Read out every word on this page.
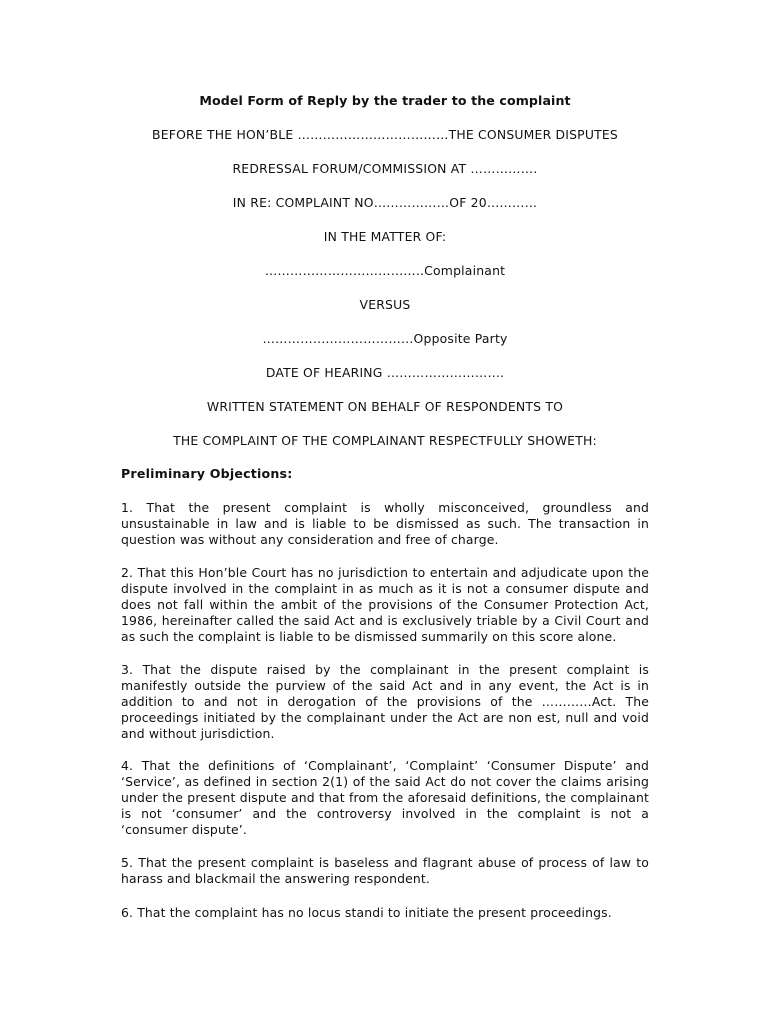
Model Form of Reply by the trader to the complaint
BEFORE THE HON’BLE ………………………………THE CONSUMER DISPUTES
REDRESSAL FORUM/COMMISSION AT …………….
IN RE: COMPLAINT NO………………OF 20…………
IN THE MATTER OF:
………………………………..Complainant
VERSUS
………………………………Opposite Party
DATE OF HEARING ……………………….
WRITTEN STATEMENT ON BEHALF OF RESPONDENTS TO
THE COMPLAINT OF THE COMPLAINANT RESPECTFULLY SHOWETH:
Preliminary Objections:
1. That the present complaint is wholly misconceived, groundless and unsustainable in law and is liable to be dismissed as such. The transaction in question was without any consideration and free of charge.
2. That this Hon’ble Court has no jurisdiction to entertain and adjudicate upon the dispute involved in the complaint in as much as it is not a consumer dispute and does not fall within the ambit of the provisions of the Consumer Protection Act, 1986, hereinafter called the said Act and is exclusively triable by a Civil Court and as such the complaint is liable to be dismissed summarily on this score alone.
3. That the dispute raised by the complainant in the present complaint is manifestly outside the purview of the said Act and in any event, the Act is in addition to and not in derogation of the provisions of the …………Act. The proceedings initiated by the complainant under the Act are non est, null and void and without jurisdiction.
4. That the definitions of ‘Complainant’, ‘Complaint’ ‘Consumer Dispute’ and ‘Service’, as defined in section 2(1) of the said Act do not cover the claims arising under the present dispute and that from the aforesaid definitions, the complainant is not ‘consumer’ and the controversy involved in the complaint is not a ‘consumer dispute’.
5. That the present complaint is baseless and flagrant abuse of process of law to harass and blackmail the answering respondent.
6. That the complaint has no locus standi to initiate the present proceedings.
